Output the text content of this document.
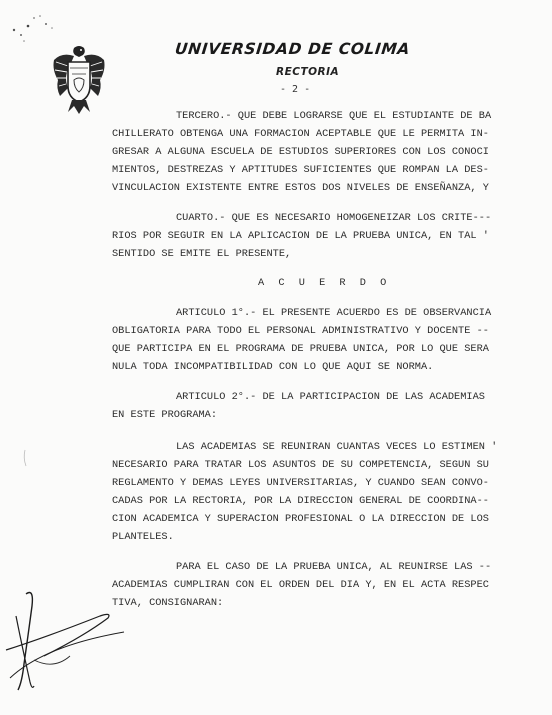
UNIVERSIDAD DE COLIMA
RECTORIA
- 2 -
TERCERO.- QUE DEBE LOGRARSE QUE EL ESTUDIANTE DE BA
CHILLERATO OBTENGA UNA FORMACION ACEPTABLE QUE LE PERMITA IN-
GRESAR A ALGUNA ESCUELA DE ESTUDIOS SUPERIORES CON LOS CONOCI
MIENTOS, DESTREZAS Y APTITUDES SUFICIENTES QUE ROMPAN LA DES-
VINCULACION EXISTENTE ENTRE ESTOS DOS NIVELES DE ENSEÑANZA, Y
CUARTO.- QUE ES NECESARIO HOMOGENEIZAR LOS CRITE---
RIOS POR SEGUIR EN LA APLICACION DE LA PRUEBA UNICA, EN TAL '
SENTIDO SE EMITE EL PRESENTE,
A C U E R D O
ARTICULO 1°.- EL PRESENTE ACUERDO ES DE OBSERVANCIA
OBLIGATORIA PARA TODO EL PERSONAL ADMINISTRATIVO Y DOCENTE --
QUE PARTICIPA EN EL PROGRAMA DE PRUEBA UNICA, POR LO QUE SERA
NULA TODA INCOMPATIBILIDAD CON LO QUE AQUI SE NORMA.
ARTICULO 2°.- DE LA PARTICIPACION DE LAS ACADEMIAS
EN ESTE PROGRAMA:
LAS ACADEMIAS SE REUNIRAN CUANTAS VECES LO ESTIMEN '
NECESARIO PARA TRATAR LOS ASUNTOS DE SU COMPETENCIA, SEGUN SU
REGLAMENTO Y DEMAS LEYES UNIVERSITARIAS, Y CUANDO SEAN CONVO-
CADAS POR LA RECTORIA, POR LA DIRECCION GENERAL DE COORDINA--
CION ACADEMICA Y SUPERACION PROFESIONAL O LA DIRECCION DE LOS
PLANTELES.
PARA EL CASO DE LA PRUEBA UNICA, AL REUNIRSE LAS --
ACADEMIAS CUMPLIRAN CON EL ORDEN DEL DIA Y, EN EL ACTA RESPEC
TIVA, CONSIGNARAN:
